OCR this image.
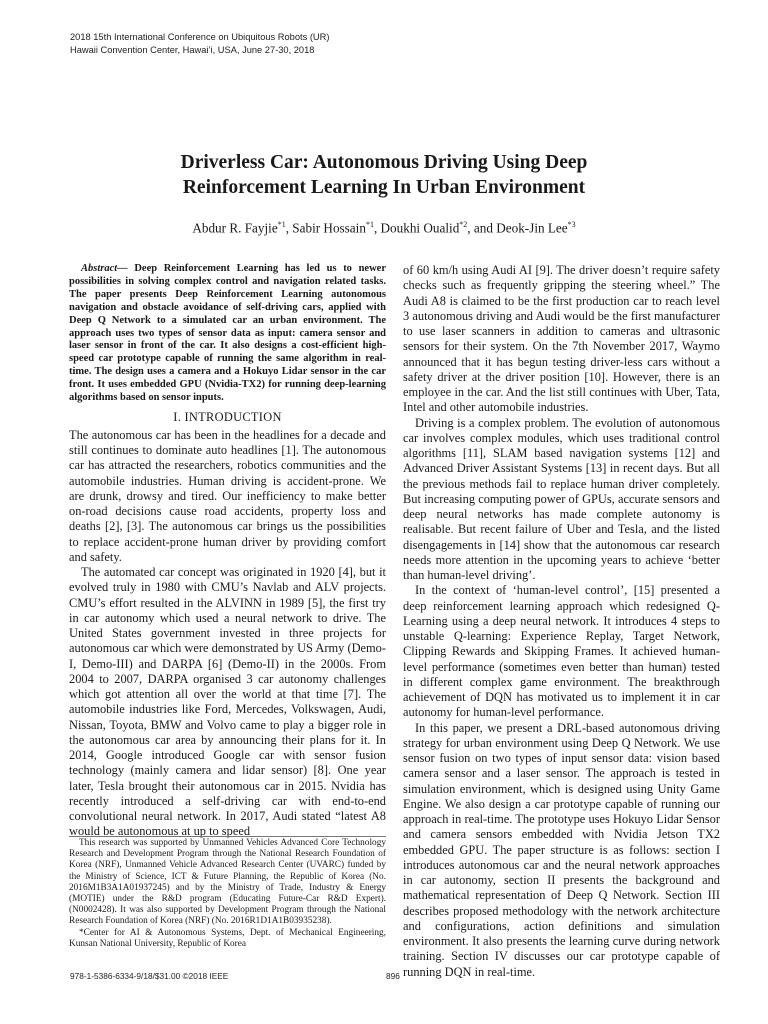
2018 15th International Conference on Ubiquitous Robots (UR)
Hawaii Convention Center, Hawai’i, USA, June 27-30, 2018
Driverless Car: Autonomous Driving Using Deep
Reinforcement Learning In Urban Environment
Abdur R. Fayjie$^{*1}$, Sabir Hossain$^{*1}$, Doukhi Oualid$^{*2}$, and Deok-Jin Lee$^{*3}$

Abstract— Deep Reinforcement Learning has led us to newer possibilities in solving complex control and navigation related tasks. The paper presents Deep Reinforcement Learning autonomous navigation and obstacle avoidance of self-driving cars, applied with Deep Q Network to a simulated car an urban environment. The approach uses two types of sensor data as input: camera sensor and laser sensor in front of the car. It also designs a cost-efficient high-speed car prototype capable of running the same algorithm in real-time. The design uses a camera and a Hokuyo Lidar sensor in the car front. It uses embedded GPU (Nvidia-TX2) for running deep-learning algorithms based on sensor inputs.

I. INTRODUCTION

The autonomous car has been in the headlines for a decade and still continues to dominate auto headlines [1]. The autonomous car has attracted the researchers, robotics communities and the automobile industries. Human driving is accident-prone. We are drunk, drowsy and tired. Our inefficiency to make better on-road decisions cause road accidents, property loss and deaths [2], [3]. The autonomous car brings us the possibilities to replace accident-prone human driver by providing comfort and safety.

The automated car concept was originated in 1920 [4], but it evolved truly in 1980 with CMU’s Navlab and ALV projects. CMU’s effort resulted in the ALVINN in 1989 [5], the first try in car autonomy which used a neural network to drive. The United States government invested in three projects for autonomous car which were demonstrated by US Army (Demo-I, Demo-III) and DARPA [6] (Demo-II) in the 2000s. From 2004 to 2007, DARPA organised 3 car autonomy challenges which got attention all over the world at that time [7]. The automobile industries like Ford, Mercedes, Volkswagen, Audi, Nissan, Toyota, BMW and Volvo came to play a bigger role in the autonomous car area by announcing their plans for it. In 2014, Google introduced Google car with sensor fusion technology (mainly camera and lidar sensor) [8]. One year later, Tesla brought their autonomous car in 2015. Nvidia has recently introduced a self-driving car with end-to-end convolutional neural network. In 2017, Audi stated “latest A8 would be autonomous at up to speed

This research was supported by Unmanned Vehicles Advanced Core Technology Research and Development Program through the National Research Foundation of Korea (NRF), Unmanned Vehicle Advanced Research Center (UVARC) funded by the Ministry of Science, ICT & Future Planning, the Republic of Korea (No. 2016M1B3A1A01937245) and by the Ministry of Trade, Industry & Energy (MOTIE) under the R&D program (Educating Future-Car R&D Expert). (N0002428). It was also supported by Development Program through the National Research Foundation of Korea (NRF) (No. 2016R1D1A1B03935238).

*Center for AI & Autonomous Systems, Dept. of Mechanical Engineering, Kunsan National University, Republic of Korea

of 60 km/h using Audi AI [9]. The driver doesn’t require safety checks such as frequently gripping the steering wheel.” The Audi A8 is claimed to be the first production car to reach level 3 autonomous driving and Audi would be the first manufacturer to use laser scanners in addition to cameras and ultrasonic sensors for their system. On the 7th November 2017, Waymo announced that it has begun testing driver-less cars without a safety driver at the driver position [10]. However, there is an employee in the car. And the list still continues with Uber, Tata, Intel and other automobile industries.

Driving is a complex problem. The evolution of autonomous car involves complex modules, which uses traditional control algorithms [11], SLAM based navigation systems [12] and Advanced Driver Assistant Systems [13] in recent days. But all the previous methods fail to replace human driver completely. But increasing computing power of GPUs, accurate sensors and deep neural networks has made complete autonomy is realisable. But recent failure of Uber and Tesla, and the listed disengagements in [14] show that the autonomous car research needs more attention in the upcoming years to achieve ‘better than human-level driving’.

In the context of ‘human-level control’, [15] presented a deep reinforcement learning approach which redesigned Q-Learning using a deep neural network. It introduces 4 steps to unstable Q-learning: Experience Replay, Target Network, Clipping Rewards and Skipping Frames. It achieved human-level performance (sometimes even better than human) tested in different complex game environment. The breakthrough achievement of DQN has motivated us to implement it in car autonomy for human-level performance.

In this paper, we present a DRL-based autonomous driving strategy for urban environment using Deep Q Network. We use sensor fusion on two types of input sensor data: vision based camera sensor and a laser sensor. The approach is tested in simulation environment, which is designed using Unity Game Engine. We also design a car prototype capable of running our approach in real-time. The prototype uses Hokuyo Lidar Sensor and camera sensors embedded with Nvidia Jetson TX2 embedded GPU. The paper structure is as follows: section I introduces autonomous car and the neural network approaches in car autonomy, section II presents the background and mathematical representation of Deep Q Network. Section III describes proposed methodology with the network architecture and configurations, action definitions and simulation environment. It also presents the learning curve during network training. Section IV discusses our car prototype capable of running DQN in real-time.

978-1-5386-6334-9/18/$31.00 ©2018 IEEE	896
